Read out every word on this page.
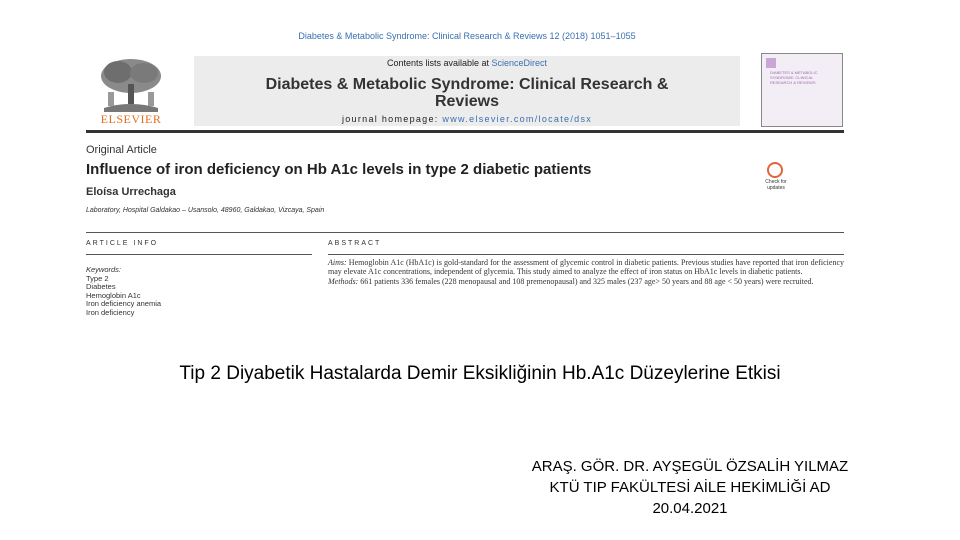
Diabetes & Metabolic Syndrome: Clinical Research & Reviews 12 (2018) 1051–1055
ELSEVIER
Contents lists available at ScienceDirect
Diabetes & Metabolic Syndrome: Clinical Research &
Reviews
journal homepage: www.elsevier.com/locate/dsx
DIABETES & METABOLIC SYNDROME: CLINICAL RESEARCH & REVIEWS
Original Article
Influence of iron deficiency on Hb A1c levels in type 2 diabetic patients
Eloísa Urrechaga
Laboratory, Hospital Galdakao – Usansolo, 48960, Galdakao, Vizcaya, Spain
Check for updates
ARTICLE INFO	ABSTRACT
Keywords:
Type 2
Diabetes
Hemoglobin A1c
Iron deficiency anemia
Iron deficiency
Aims: Hemoglobin A1c (HbA1c) is gold-standard for the assessment of glycemic control in diabetic patients. Previous studies have reported that iron deficiency may elevate A1c concentrations, independent of glycemia. This study aimed to analyze the effect of iron status on HbA1c levels in diabetic patients.
Methods: 661 patients 336 females (228 menopausal and 108 premenopausal) and 325 males (237 age> 50 years and 88 age < 50 years) were recruited.
Tip 2 Diyabetik Hastalarda Demir Eksikliğinin Hb.A1c Düzeylerine Etkisi
ARAŞ. GÖR. DR. AYŞEGÜL ÖZSALİH YILMAZ
KTÜ TIP FAKÜLTESİ AİLE HEKİMLİĞİ AD
20.04.2021
